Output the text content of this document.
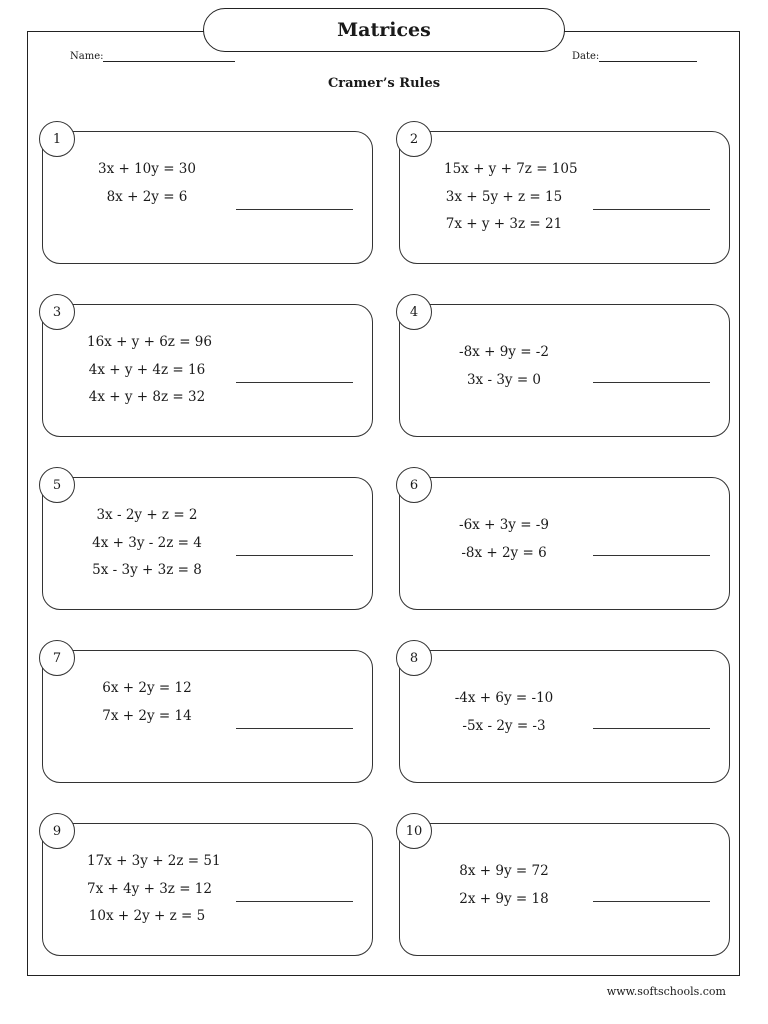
Matrices
Name:	Date:
Cramer’s Rules
3x + 10y = 30
8x + 2y = 6
1
15x + y + 7z = 105
3x + 5y + z = 15
7x + y + 3z = 21
2
16x + y + 6z = 96
4x + y + 4z = 16
4x + y + 8z = 32
3
-8x + 9y = -2
3x - 3y = 0
4
3x - 2y + z = 2
4x + 3y - 2z = 4
5x - 3y + 3z = 8
5
-6x + 3y = -9
-8x + 2y = 6
6
6x + 2y = 12
7x + 2y = 14
7
-4x + 6y = -10
-5x - 2y = -3
8
17x + 3y + 2z = 51
7x + 4y + 3z = 12
10x + 2y + z = 5
9
8x + 9y = 72
2x + 9y = 18
10
www.softschools.com
